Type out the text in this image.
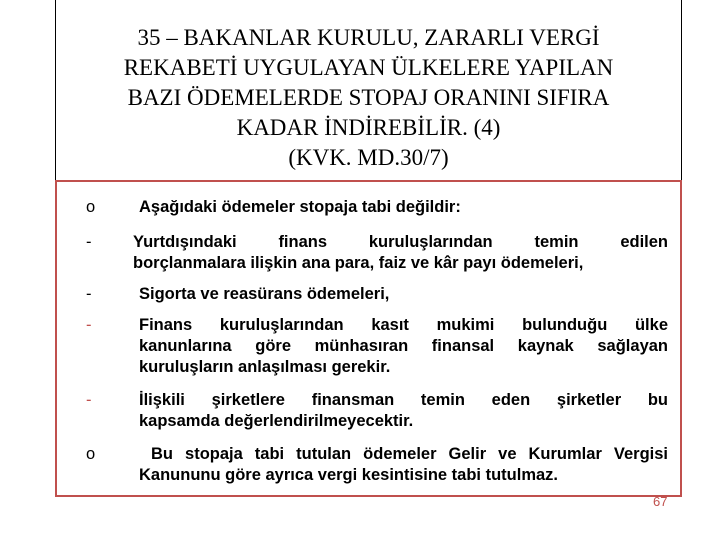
35 – BAKANLAR KURULU, ZARARLI VERGİ
REKABETİ UYGULAYAN ÜLKELERE YAPILAN
BAZI ÖDEMELERDE STOPAJ ORANINI SIFIRA
KADAR İNDİREBİLİR. (4)
(KVK. MD.30/7)
o	Aşağıdaki ödemeler stopaja tabi değildir:
-	Yurtdışındaki finans kuruluşlarından temin edilen
borçlanmalara ilişkin ana para, faiz ve kâr payı ödemeleri,
-	Sigorta ve reasürans ödemeleri,
-	Finans kuruluşlarından kasıt mukimi bulunduğu ülke
kanunlarına göre münhasıran finansal kaynak sağlayan
kuruluşların anlaşılması gerekir.
-	İlişkili şirketlere finansman temin eden şirketler bu
kapsamda değerlendirilmeyecektir.
o	Bu stopaja tabi tutulan ödemeler Gelir ve Kurumlar Vergisi
Kanununu göre ayrıca vergi kesintisine tabi tutulmaz.
67
